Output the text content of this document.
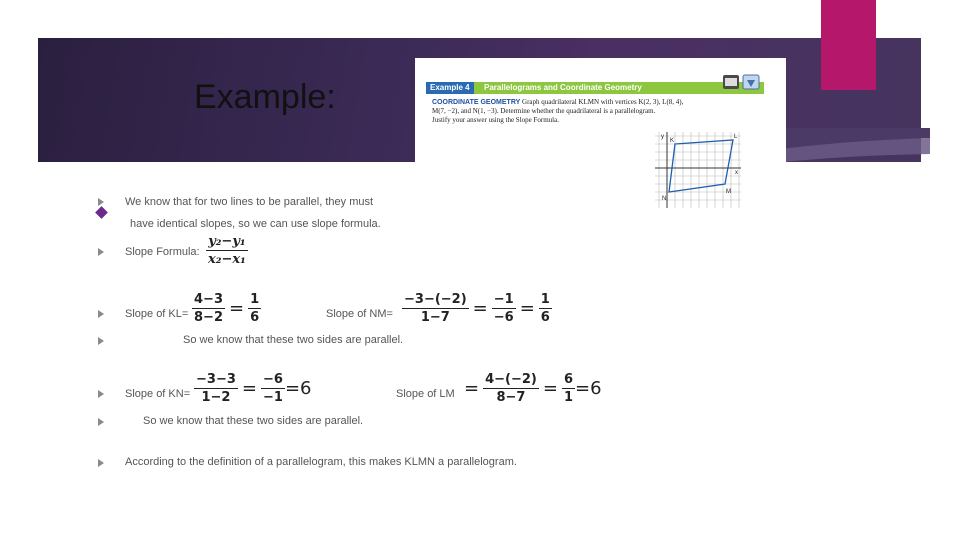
Example:	Example 4	Parallelograms and Coordinate Geometry
COORDINATE GEOMETRY Graph quadrilateral KLMN with vertices K(2, 3), L(8, 4),
M(7, −2), and N(1, −3). Determine whether the quadrilateral is a parallelogram.
Justify your answer using the Slope Formula.
y
x
K
L
M
N
We know that for two lines to be parallel, they must
have identical slopes, so we can use slope formula.
Slope Formula: $\frac{\text{y₂−y₁}}{\text{x₂−x₁}}$
Slope of $KL= \frac{4-3}{8-2} = \frac{1}{6}$	Slope of $NM= \frac{-3-(-2)}{1-7} = \frac{-1}{-6} = \frac{1}{6}$
So we know that these two sides are parallel.
Slope of $KN= \frac{-3-3}{1-2} = \frac{-6}{-1} =6$	Slope of LM = $\frac{4-(-2)}{8-7} = \frac{6}{1} =6$
So we know that these two sides are parallel.
According to the definition of a parallelogram, this makes KLMN a parallelogram.
